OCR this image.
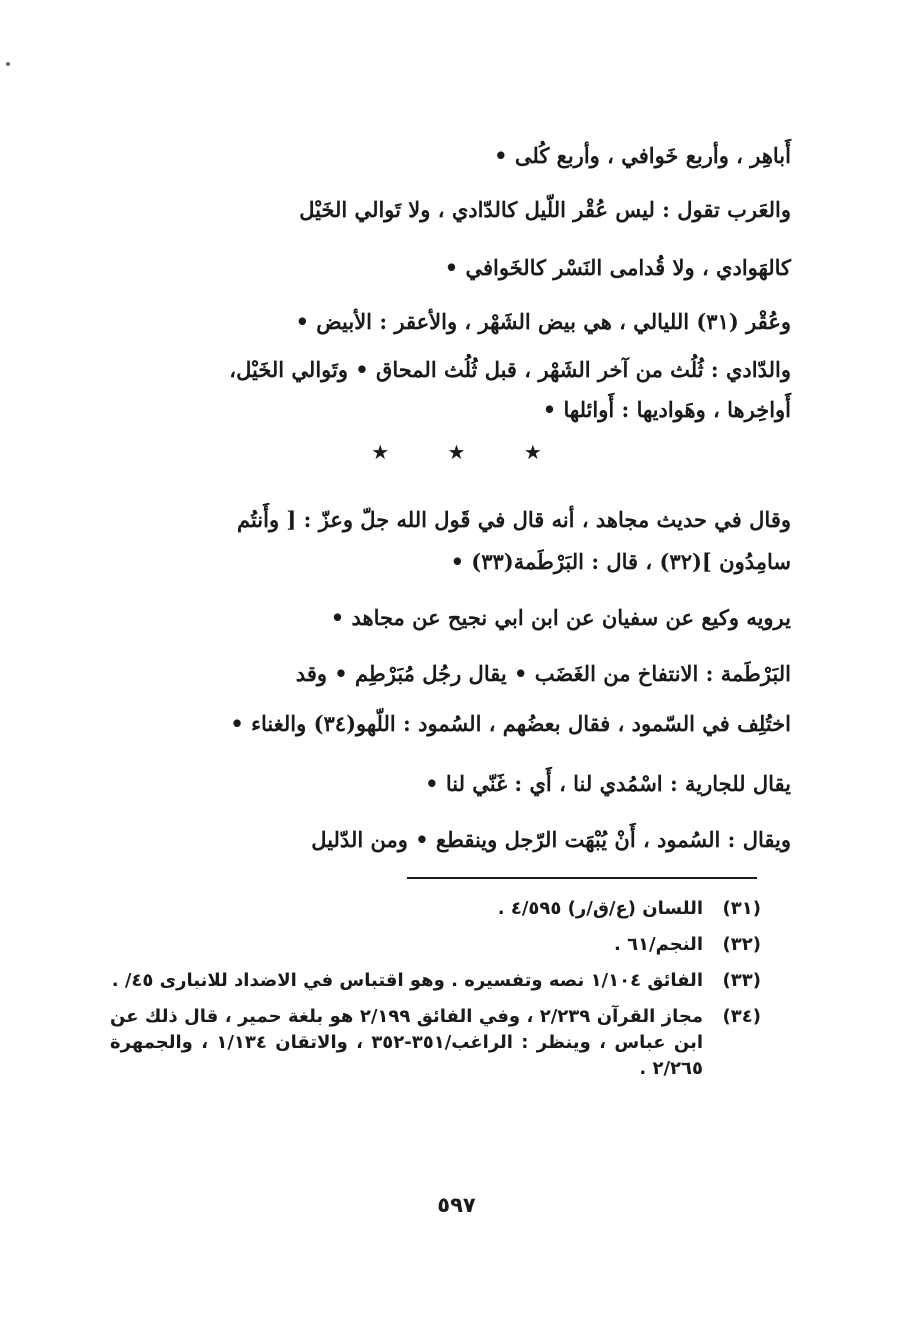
أَباهِر ، وأربع خَوافي ، وأربع كُلى •
والعَرب تقول : ليس عُقْر اللّيل كالدّادي ، ولا تَوالي الخَيْل
كالهَوادي ، ولا قُدامى النَسْر كالخَوافي •
وعُقْر (٣١) الليالي ، هي بيض الشَهْر ، والأعقر : الأبيض •
والدّادي : ثُلُث من آخر الشَهْر ، قبل ثُلُث المحاق • وتَوالي الخَيْل،
أَواخِرها ، وهَواديها : أَوائلها •
وقال في حديث مجاهد ، أنه قال في قَول الله جلّ وعزّ : [ وأَنتُم
سامِدُون ](٣٢) ، قال : البَرْطَمة(٣٣) •
يرويه وكيع عن سفيان عن ابن ابي نجيح عن مجاهد •
البَرْطَمة : الانتفاخ من الغَضَب • يقال رجُل مُبَرْطِم • وقد
اختُلِف في السّمود ، فقال بعضُهم ، السُمود : اللّهو(٣٤) والغناء •
يقال للجارية : اسْمُدي لنا ، أَي : غَنّي لنا •
ويقال : السُمود ، أَنْ يُبْهَت الرّجل وينقطع • ومن الدّليل
★	★	★
(٣١)
اللسان (ع/ق/ر) ٤/٥٩٥ .
(٣٢)
النجم/٦١ .
(٣٣)
الفائق ١/١٠٤ نصه وتفسيره . وهو اقتباس في الاضداد للانبارى ٤٥/ .
(٣٤)
مجاز القرآن ٢/٢٣٩ ، وفي الفائق ٢/١٩٩ هو بلغة حمير ، قال ذلك عن ابن عباس ، وينظر : الراغب/٣٥١-٣٥٢ ، والاتقان ١/١٣٤ ، والجمهرة ٢/٢٦٥ .
٥٩٧
